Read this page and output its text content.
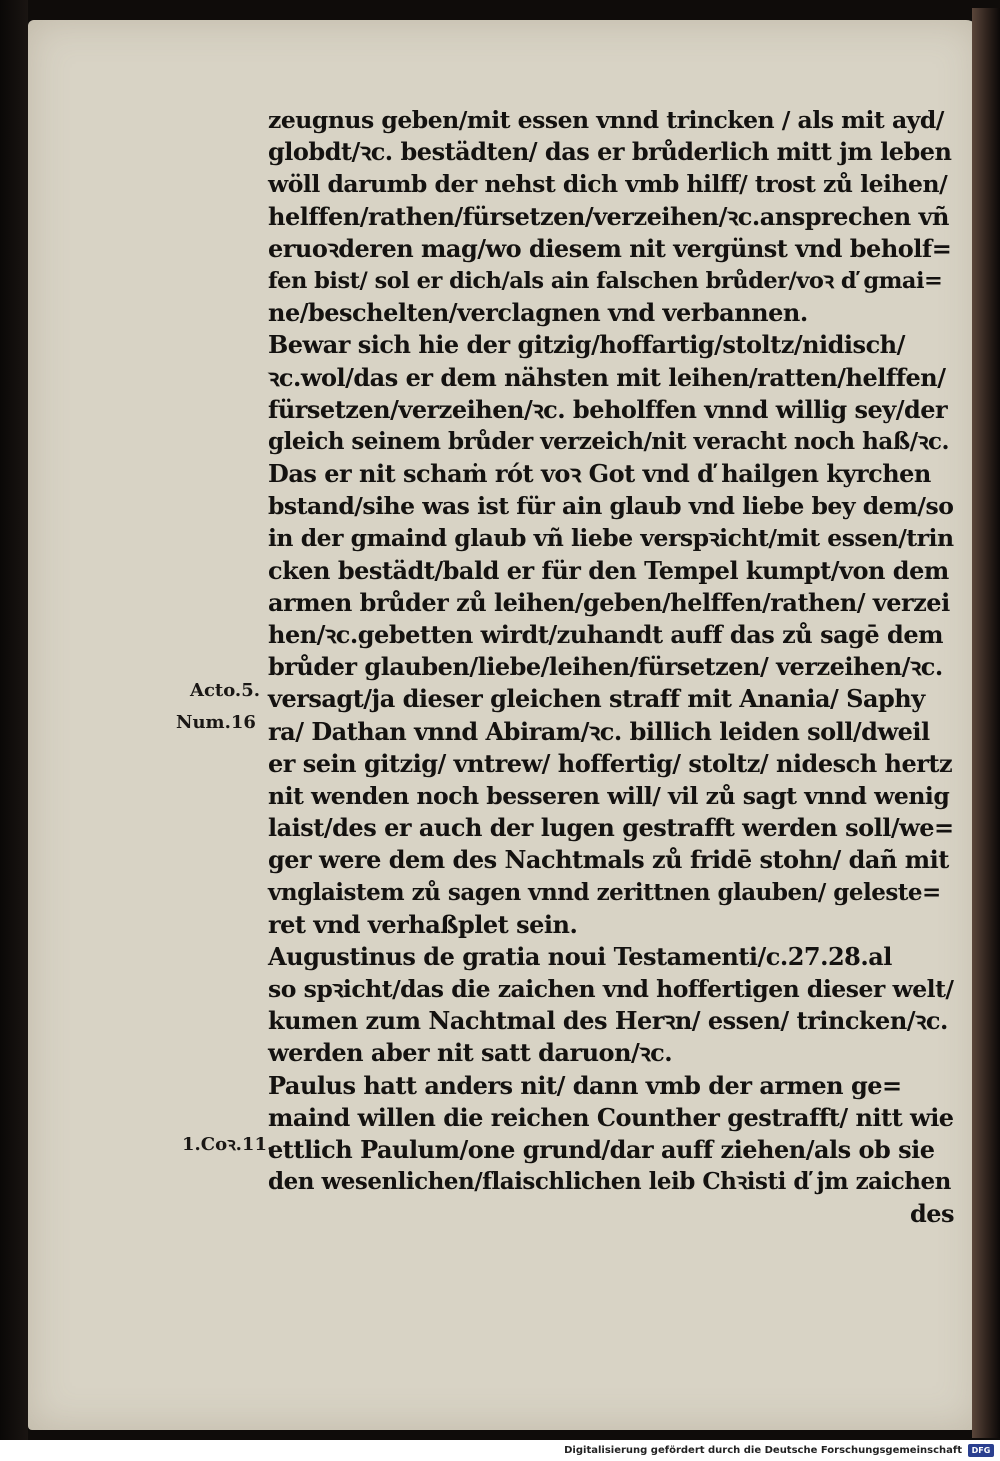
zeugnus geben/mit essen vnnd trincken / als mit ayd/
globdt/ꝛc. bestädten/ das er brůderlich mitt jm leben
wöll darumb der nehst dich vmb hilff/ trost zů leihen/
helffen/rathen/fürsetzen/verzeihen/ꝛc.ansprechen vñ
eruoꝛderen mag/wo diesem nit vergünst vnd beholf=
fen bist/ sol er dich/als ain falschen brůder/voꝛ ď gmai=
ne/beschelten/verclagnen vnd verbannen.
Bewar sich hie der gitzig/hoffartig/stoltz/nidisch/
ꝛc.wol/das er dem nähsten mit leihen/ratten/helffen/
fürsetzen/verzeihen/ꝛc. beholffen vnnd willig sey/der
gleich seinem brůder verzeich/nit veracht noch haß/ꝛc.
Das er nit schaṁ rót voꝛ Got vnd ď hailgen kyrchen
bstand/sihe was ist für ain glaub vnd liebe bey dem/so
in der gmaind glaub vñ liebe verspꝛicht/mit essen/trin
cken bestädt/bald er für den Tempel kumpt/von dem
armen brůder zů leihen/geben/helffen/rathen/ verzei
hen/ꝛc.gebetten wirdt/zuhandt auff das zů sagē dem
brůder glauben/liebe/leihen/fürsetzen/ verzeihen/ꝛc.
versagt/ja dieser gleichen straff mit Anania/ Saphy
ra/ Dathan vnnd Abiram/ꝛc. billich leiden soll/dweil
er sein gitzig/ vntrew/ hoffertig/ stoltz/ nidesch hertz
nit wenden noch besseren will/ vil zů sagt vnnd wenig
laist/des er auch der lugen gestrafft werden soll/we=
ger were dem des Nachtmals zů fridē stohn/ dañ mit
vnglaistem zů sagen vnnd zerittnen glauben/ geleste=
ret vnd verhaßplet sein.
Augustinus de gratia noui Testamenti/c.27.28.al
so spꝛicht/das die zaichen vnd hoffertigen dieser welt/
kumen zum Nachtmal des Herꝛn/ essen/ trincken/ꝛc.
werden aber nit satt daruon/ꝛc.
Paulus hatt anders nit/ dann vmb der armen ge=
maind willen die reichen Counther gestrafft/ nitt wie
ettlich Paulum/one grund/dar auff ziehen/als ob sie
den wesenlichen/flaischlichen leib Chꝛisti ď jm zaichen
des
Acto.5.
Num.16
1.Coꝛ.11.
Digitalisierung gefördert durch die Deutsche Forschungsgemeinschaft	DFG
